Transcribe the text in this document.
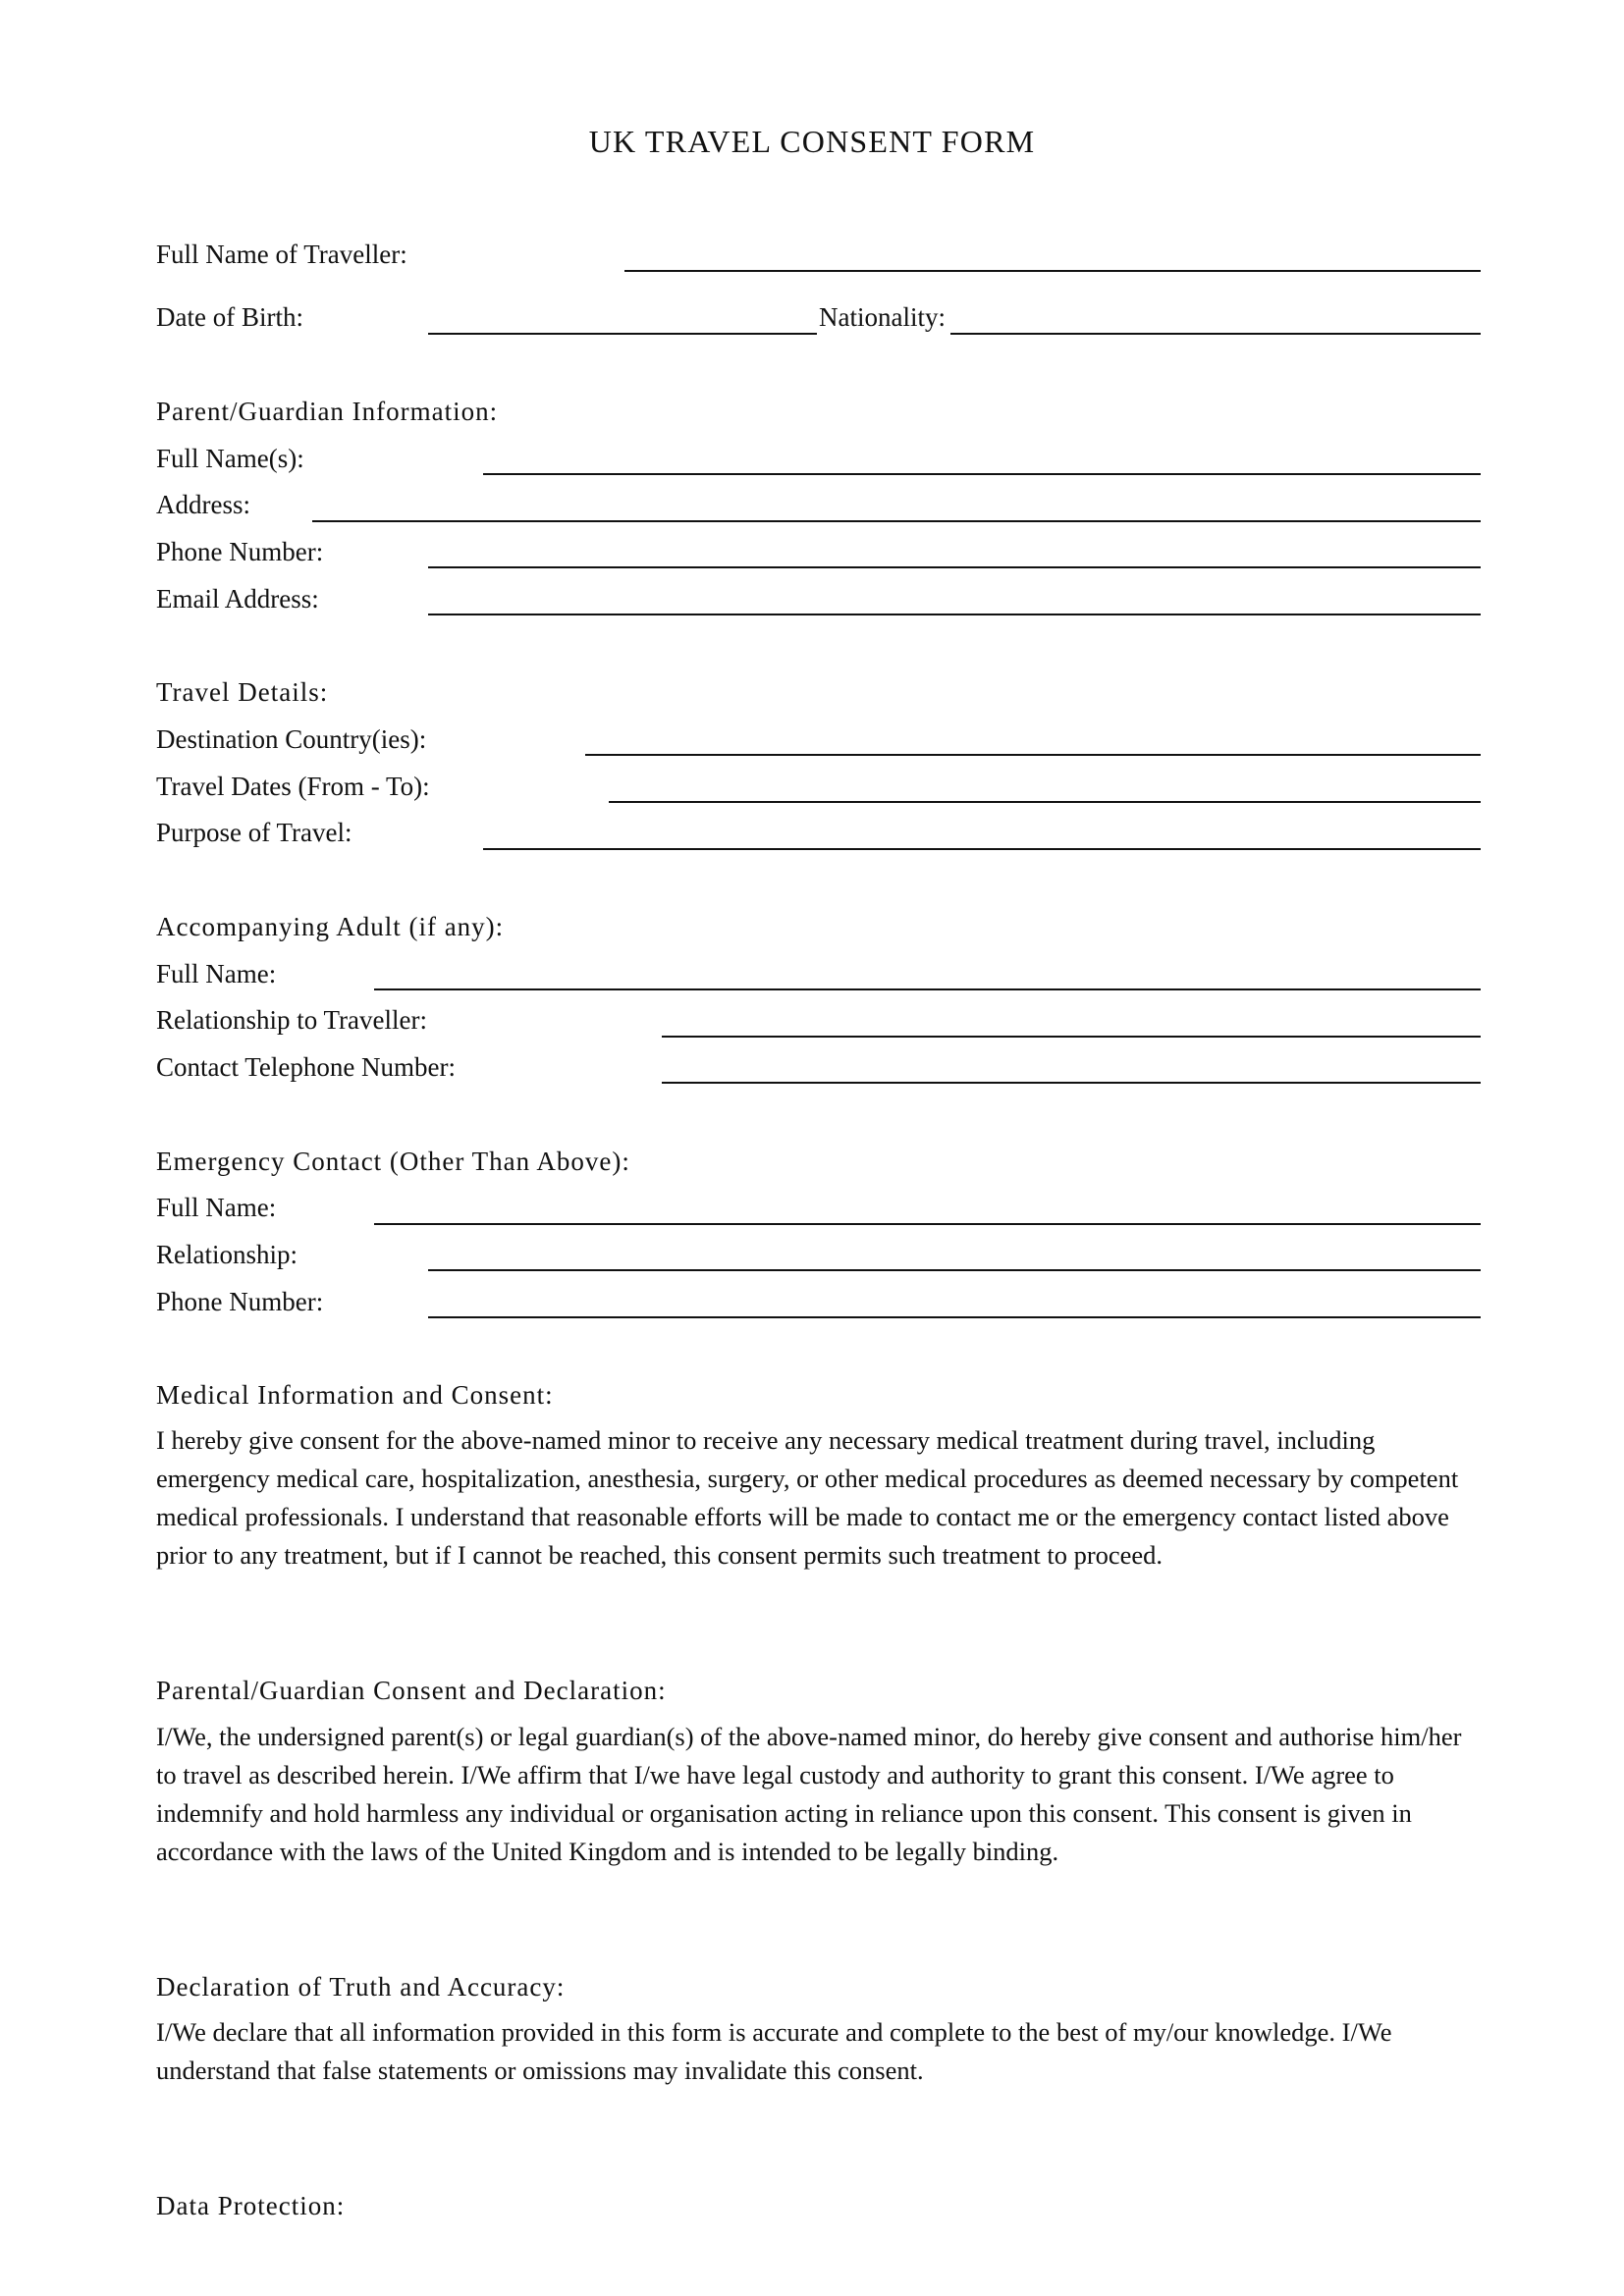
UK TRAVEL CONSENT FORM
Full Name of Traveller:
Date of Birth:	Nationality:
Parent/Guardian Information:
Full Name(s):
Address:
Phone Number:
Email Address:
Travel Details:
Destination Country(ies):
Travel Dates (From - To):
Purpose of Travel:
Accompanying Adult (if any):
Full Name:
Relationship to Traveller:
Contact Telephone Number:
Emergency Contact (Other Than Above):
Full Name:
Relationship:
Phone Number:
Medical Information and Consent:

I hereby give consent for the above-named minor to receive any necessary medical treatment during travel, including emergency medical care, hospitalization, anesthesia, surgery, or other medical procedures as deemed necessary by competent medical professionals. I understand that reasonable efforts will be made to contact me or the emergency contact listed above prior to any treatment, but if I cannot be reached, this consent permits such treatment to proceed.

Parental/Guardian Consent and Declaration:

I/We, the undersigned parent(s) or legal guardian(s) of the above-named minor, do hereby give consent and authorise him/her to travel as described herein. I/We affirm that I/we have legal custody and authority to grant this consent. I/We agree to indemnify and hold harmless any individual or organisation acting in reliance upon this consent. This consent is given in accordance with the laws of the United Kingdom and is intended to be legally binding.

Declaration of Truth and Accuracy:

I/We declare that all information provided in this form is accurate and complete to the best of my/our knowledge. I/We understand that false statements or omissions may invalidate this consent.

Data Protection:
